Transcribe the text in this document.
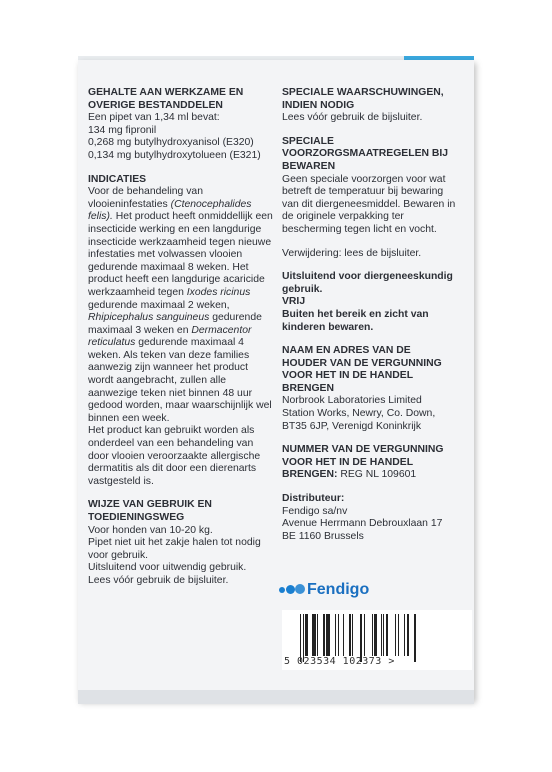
GEHALTE AAN WERKZAME EN
OVERIGE BESTANDDELEN

Een pipet van 1,34 ml bevat:

134 mg fipronil

0,268 mg butylhydroxyanisol (E320)

0,134 mg butylhydroxytolueen (E321)

INDICATIES

Voor de behandeling van vlooieninfestaties (Ctenocephalides felis). Het product heeft onmiddellijk een insecticide werking en een langdurige insecticide werkzaamheid tegen nieuwe infestaties met volwassen vlooien gedurende maximaal 8 weken. Het product heeft een langdurige acaricide werkzaamheid tegen Ixodes ricinus gedurende maximaal 2 weken, Rhipicephalus sanguineus gedurende maximaal 3 weken en Dermacentor reticulatus gedurende maximaal 4 weken. Als teken van deze families aanwezig zijn wanneer het product wordt aangebracht, zullen alle aanwezige teken niet binnen 48 uur gedood worden, maar waarschijnlijk wel binnen een week.

Het product kan gebruikt worden als onderdeel van een behandeling van door vlooien veroorzaakte allergische dermatitis als dit door een dierenarts vastgesteld is.

WIJZE VAN GEBRUIK EN
TOEDIENINGSWEG

Voor honden van 10-20 kg.

Pipet niet uit het zakje halen tot nodig voor gebruik.

Uitsluitend voor uitwendig gebruik.

Lees vóór gebruik de bijsluiter.

SPECIALE WAARSCHUWINGEN,
INDIEN NODIG

Lees vóór gebruik de bijsluiter.

SPECIALE
VOORZORGSMAATREGELEN BIJ
BEWAREN

Geen speciale voorzorgen voor wat betreft de temperatuur bij bewaring van dit diergeneesmiddel. Bewaren in de originele verpakking ter bescherming tegen licht en vocht.

Verwijdering: lees de bijsluiter.

Uitsluitend voor diergeneeskundig gebruik.

VRIJ

Buiten het bereik en zicht van kinderen bewaren.

NAAM EN ADRES VAN DE
HOUDER VAN DE VERGUNNING
VOOR HET IN DE HANDEL
BRENGEN

Norbrook Laboratories Limited

Station Works, Newry, Co. Down,

BT35 6JP, Verenigd Koninkrijk

NUMMER VAN DE VERGUNNING
VOOR HET IN DE HANDEL
BRENGEN: REG NL 109601

Distributeur:

Fendigo sa/nv

Avenue Herrmann Debrouxlaan 17

BE 1160 Brussels

Fendigo
5 023534 102373 >
